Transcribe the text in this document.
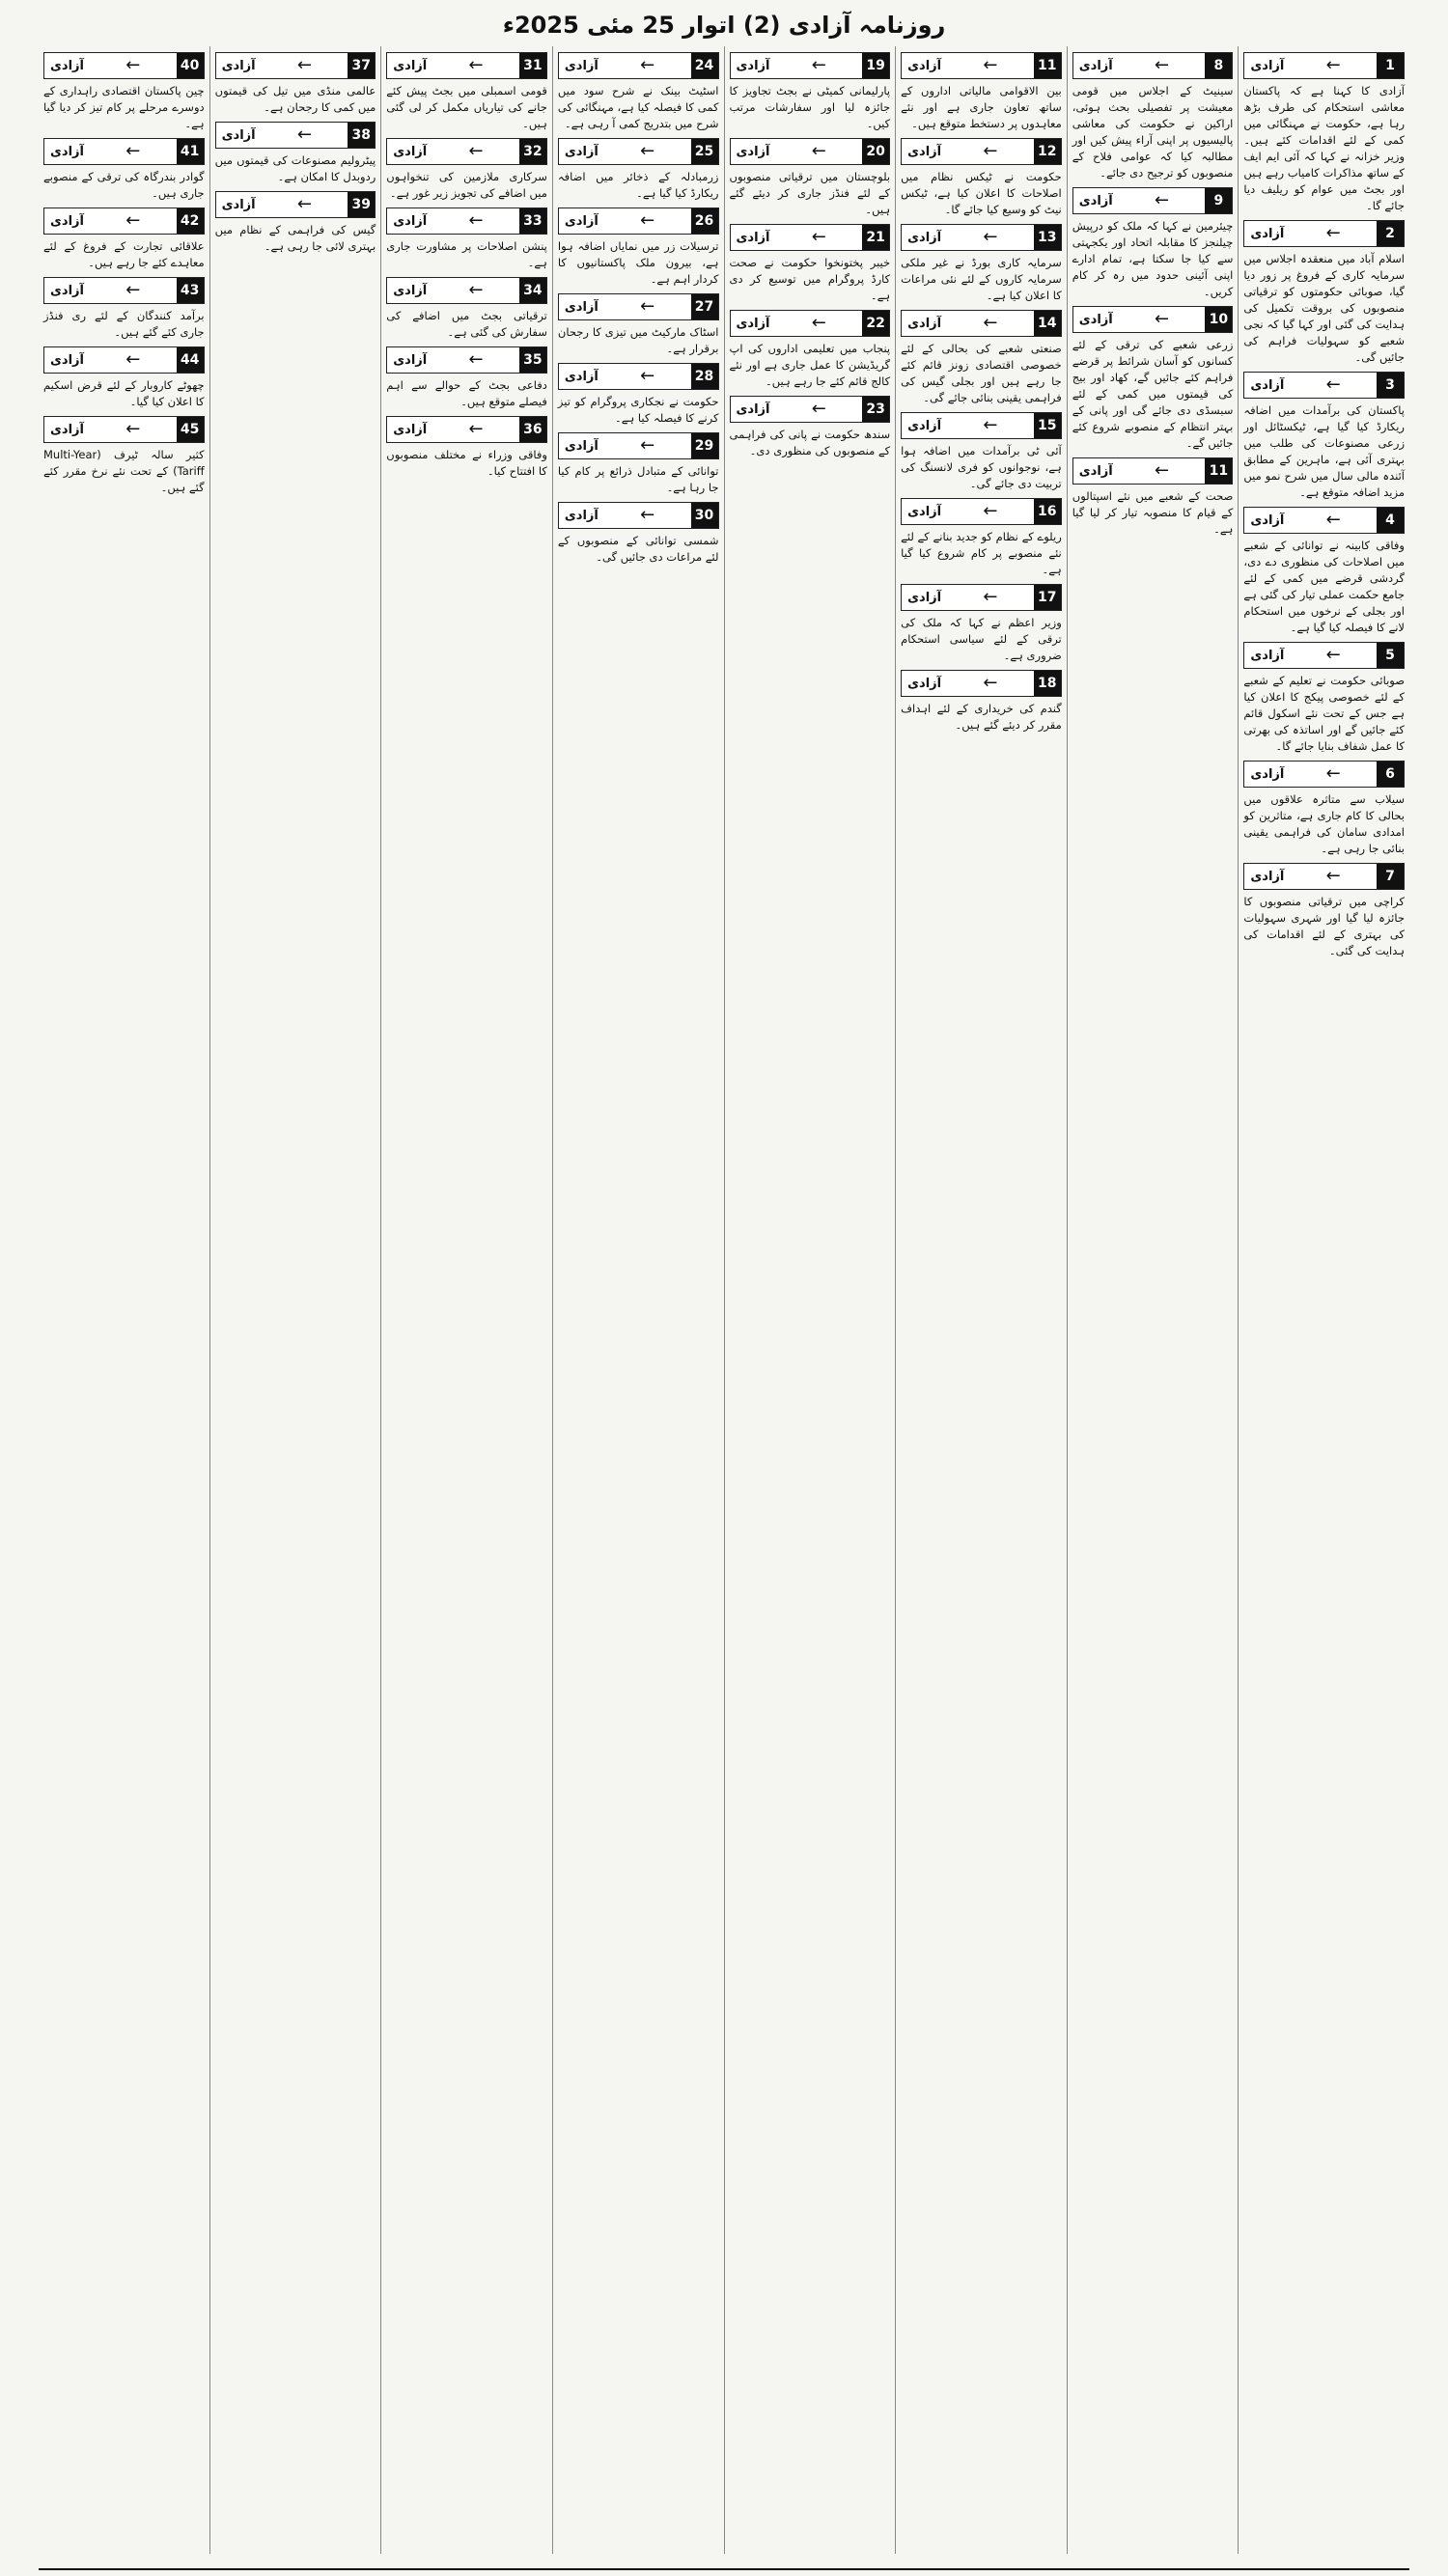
روزنامہ آزادی (2) اتوار 25 مئی 2025ء
1
←
آزادی

آزادی کا کہنا ہے کہ پاکستان معاشی استحکام کی طرف بڑھ رہا ہے، حکومت نے مہنگائی میں کمی کے لئے اقدامات کئے ہیں۔ وزیر خزانہ نے کہا کہ آئی ایم ایف کے ساتھ مذاکرات کامیاب رہے ہیں اور بجٹ میں عوام کو ریلیف دیا جائے گا۔

2
←
آزادی

اسلام آباد میں منعقدہ اجلاس میں سرمایہ کاری کے فروغ پر زور دیا گیا، صوبائی حکومتوں کو ترقیاتی منصوبوں کی بروقت تکمیل کی ہدایت کی گئی اور کہا گیا کہ نجی شعبے کو سہولیات فراہم کی جائیں گی۔

3
←
آزادی

پاکستان کی برآمدات میں اضافہ ریکارڈ کیا گیا ہے، ٹیکسٹائل اور زرعی مصنوعات کی طلب میں بہتری آئی ہے، ماہرین کے مطابق آئندہ مالی سال میں شرح نمو میں مزید اضافہ متوقع ہے۔

4
←
آزادی

وفاقی کابینہ نے توانائی کے شعبے میں اصلاحات کی منظوری دے دی، گردشی قرضے میں کمی کے لئے جامع حکمت عملی تیار کی گئی ہے اور بجلی کے نرخوں میں استحکام لانے کا فیصلہ کیا گیا ہے۔

5
←
آزادی

صوبائی حکومت نے تعلیم کے شعبے کے لئے خصوصی پیکج کا اعلان کیا ہے جس کے تحت نئے اسکول قائم کئے جائیں گے اور اساتذہ کی بھرتی کا عمل شفاف بنایا جائے گا۔

6
←
آزادی

سیلاب سے متاثرہ علاقوں میں بحالی کا کام جاری ہے، متاثرین کو امدادی سامان کی فراہمی یقینی بنائی جا رہی ہے۔

7
←
آزادی

کراچی میں ترقیاتی منصوبوں کا جائزہ لیا گیا اور شہری سہولیات کی بہتری کے لئے اقدامات کی ہدایت کی گئی۔

8
←
آزادی

سینیٹ کے اجلاس میں قومی معیشت پر تفصیلی بحث ہوئی، اراکین نے حکومت کی معاشی پالیسیوں پر اپنی آراء پیش کیں اور مطالبہ کیا کہ عوامی فلاح کے منصوبوں کو ترجیح دی جائے۔

9
←
آزادی

چیئرمین نے کہا کہ ملک کو درپیش چیلنجز کا مقابلہ اتحاد اور یکجہتی سے کیا جا سکتا ہے، تمام ادارے اپنی آئینی حدود میں رہ کر کام کریں۔

10
←
آزادی

زرعی شعبے کی ترقی کے لئے کسانوں کو آسان شرائط پر قرضے فراہم کئے جائیں گے، کھاد اور بیج کی قیمتوں میں کمی کے لئے سبسڈی دی جائے گی اور پانی کے بہتر انتظام کے منصوبے شروع کئے جائیں گے۔

11
←
آزادی

صحت کے شعبے میں نئے اسپتالوں کے قیام کا منصوبہ تیار کر لیا گیا ہے۔

11
←
آزادی

بین الاقوامی مالیاتی اداروں کے ساتھ تعاون جاری ہے اور نئے معاہدوں پر دستخط متوقع ہیں۔

12
←
آزادی

حکومت نے ٹیکس نظام میں اصلاحات کا اعلان کیا ہے، ٹیکس نیٹ کو وسیع کیا جائے گا۔

13
←
آزادی

سرمایہ کاری بورڈ نے غیر ملکی سرمایہ کاروں کے لئے نئی مراعات کا اعلان کیا ہے۔

14
←
آزادی

صنعتی شعبے کی بحالی کے لئے خصوصی اقتصادی زونز قائم کئے جا رہے ہیں اور بجلی گیس کی فراہمی یقینی بنائی جائے گی۔

15
←
آزادی

آئی ٹی برآمدات میں اضافہ ہوا ہے، نوجوانوں کو فری لانسنگ کی تربیت دی جائے گی۔

16
←
آزادی

ریلوے کے نظام کو جدید بنانے کے لئے نئے منصوبے پر کام شروع کیا گیا ہے۔

17
←
آزادی

وزیر اعظم نے کہا کہ ملک کی ترقی کے لئے سیاسی استحکام ضروری ہے۔

18
←
آزادی

گندم کی خریداری کے لئے اہداف مقرر کر دیئے گئے ہیں۔

19
←
آزادی

پارلیمانی کمیٹی نے بجٹ تجاویز کا جائزہ لیا اور سفارشات مرتب کیں۔

20
←
آزادی

بلوچستان میں ترقیاتی منصوبوں کے لئے فنڈز جاری کر دیئے گئے ہیں۔

21
←
آزادی

خیبر پختونخوا حکومت نے صحت کارڈ پروگرام میں توسیع کر دی ہے۔

22
←
آزادی

پنجاب میں تعلیمی اداروں کی اپ گریڈیشن کا عمل جاری ہے اور نئے کالج قائم کئے جا رہے ہیں۔

23
←
آزادی

سندھ حکومت نے پانی کی فراہمی کے منصوبوں کی منظوری دی۔

24
←
آزادی

اسٹیٹ بینک نے شرح سود میں کمی کا فیصلہ کیا ہے، مہنگائی کی شرح میں بتدریج کمی آ رہی ہے۔

25
←
آزادی

زرمبادلہ کے ذخائر میں اضافہ ریکارڈ کیا گیا ہے۔

26
←
آزادی

ترسیلات زر میں نمایاں اضافہ ہوا ہے، بیرون ملک پاکستانیوں کا کردار اہم ہے۔

27
←
آزادی

اسٹاک مارکیٹ میں تیزی کا رجحان برقرار ہے۔

28
←
آزادی

حکومت نے نجکاری پروگرام کو تیز کرنے کا فیصلہ کیا ہے۔

29
←
آزادی

توانائی کے متبادل ذرائع پر کام کیا جا رہا ہے۔

30
←
آزادی

شمسی توانائی کے منصوبوں کے لئے مراعات دی جائیں گی۔

31
←
آزادی

قومی اسمبلی میں بجٹ پیش کئے جانے کی تیاریاں مکمل کر لی گئی ہیں۔

32
←
آزادی

سرکاری ملازمین کی تنخواہوں میں اضافے کی تجویز زیر غور ہے۔

33
←
آزادی

پنشن اصلاحات پر مشاورت جاری ہے۔

34
←
آزادی

ترقیاتی بجٹ میں اضافے کی سفارش کی گئی ہے۔

35
←
آزادی

دفاعی بجٹ کے حوالے سے اہم فیصلے متوقع ہیں۔

36
←
آزادی

وفاقی وزراء نے مختلف منصوبوں کا افتتاح کیا۔

37
←
آزادی

عالمی منڈی میں تیل کی قیمتوں میں کمی کا رجحان ہے۔

38
←
آزادی

پیٹرولیم مصنوعات کی قیمتوں میں ردوبدل کا امکان ہے۔

39
←
آزادی

گیس کی فراہمی کے نظام میں بہتری لائی جا رہی ہے۔

40
←
آزادی

چین پاکستان اقتصادی راہداری کے دوسرے مرحلے پر کام تیز کر دیا گیا ہے۔

41
←
آزادی

گوادر بندرگاہ کی ترقی کے منصوبے جاری ہیں۔

42
←
آزادی

علاقائی تجارت کے فروغ کے لئے معاہدے کئے جا رہے ہیں۔

43
←
آزادی

برآمد کنندگان کے لئے ری فنڈز جاری کئے گئے ہیں۔

44
←
آزادی

چھوٹے کاروبار کے لئے قرض اسکیم کا اعلان کیا گیا۔

45
←
آزادی

کثیر سالہ ٹیرف (Multi-Year Tariff) کے تحت نئے نرخ مقرر کئے گئے ہیں۔
